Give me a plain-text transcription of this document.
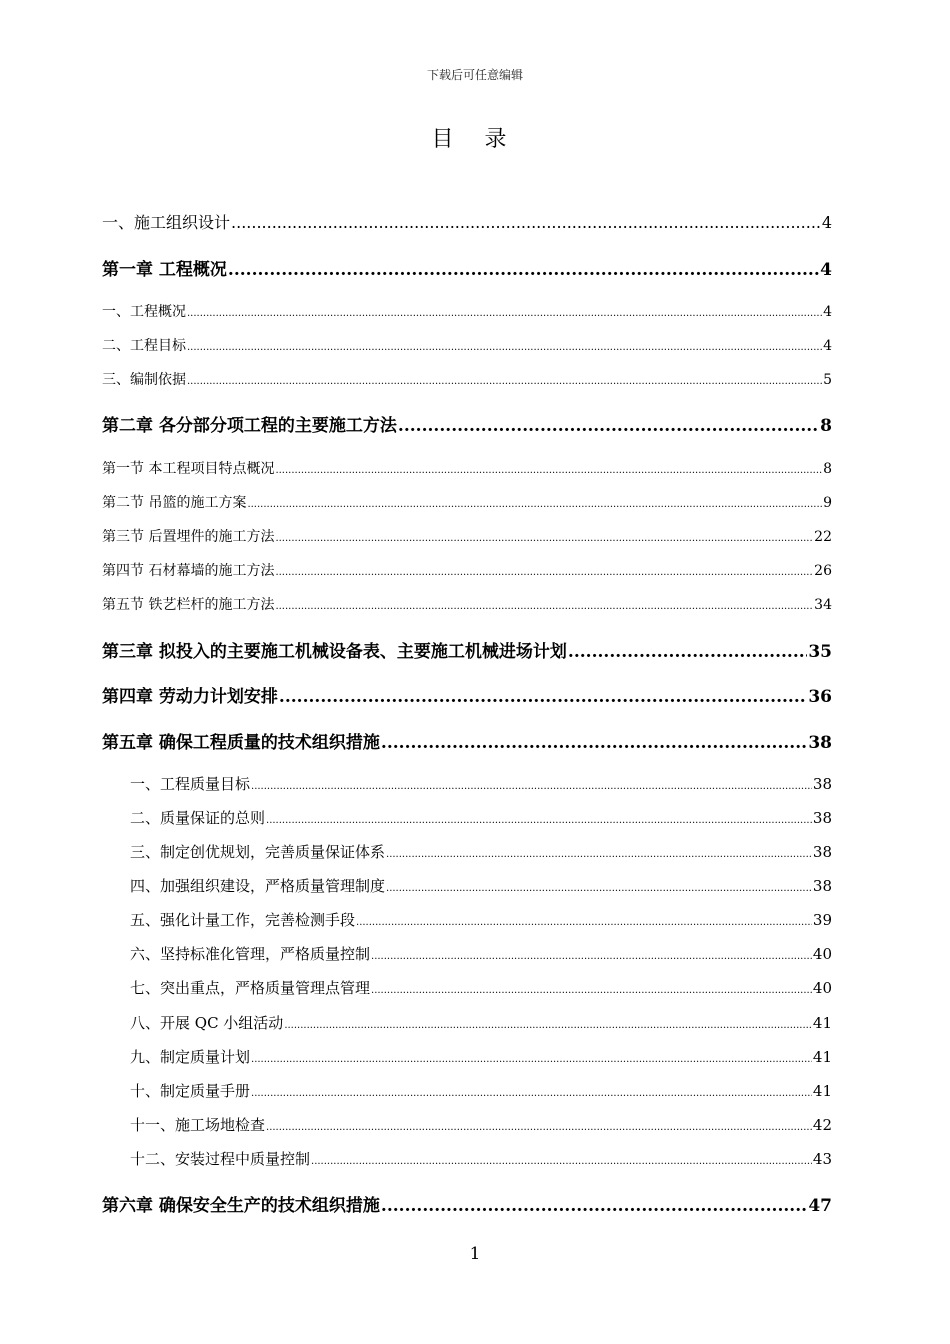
下载后可任意编辑
目 录
一、施工组织设计 .....	4
第一章 工程概况 .....	4
一、工程概况 .....	4
二、工程目标 .....	4
三、编制依据 .....	5
第二章 各分部分项工程的主要施工方法 .....	8
第一节 本工程项目特点概况 .....	8
第二节 吊篮的施工方案 .....	9
第三节 后置埋件的施工方法 .....	22
第四节 石材幕墙的施工方法 .....	26
第五节 铁艺栏杆的施工方法 .....	34
第三章 拟投入的主要施工机械设备表、主要施工机械进场计划 .....	35
第四章 劳动力计划安排 .....	36
第五章 确保工程质量的技术组织措施 .....	38
一、工程质量目标 .....	38
二、质量保证的总则 .....	38
三、制定创优规划，完善质量保证体系 .....	38
四、加强组织建设，严格质量管理制度 .....	38
五、强化计量工作，完善检测手段 .....	39
六、坚持标准化管理，严格质量控制 .....	40
七、突出重点，严格质量管理点管理 .....	40
八、开展 QC 小组活动 .....	41
九、制定质量计划 .....	41
十、制定质量手册 .....	41
十一、施工场地检查 .....	42
十二、安装过程中质量控制 .....	43
第六章 确保安全生产的技术组织措施 .....	47
1
